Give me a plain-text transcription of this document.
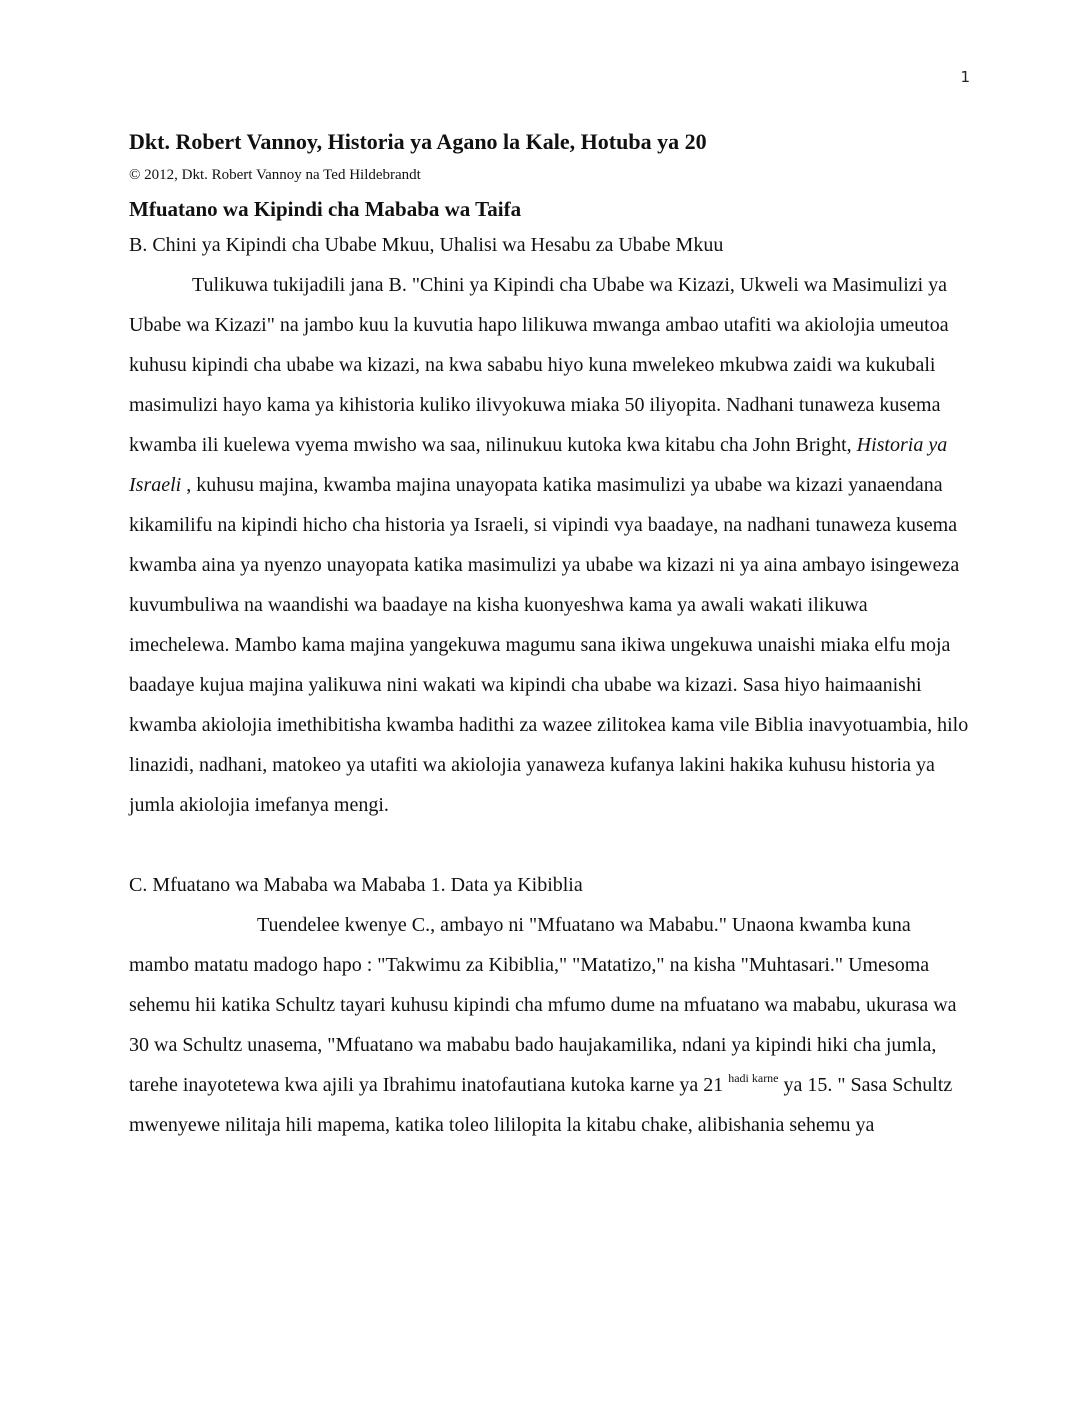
1

Dkt. Robert Vannoy, Historia ya Agano la Kale, Hotuba ya 20

© 2012, Dkt. Robert Vannoy na Ted Hildebrandt

Mfuatano wa Kipindi cha Mababa wa Taifa

B. Chini ya Kipindi cha Ubabe Mkuu, Uhalisi wa Hesabu za Ubabe Mkuu

Tulikuwa tukijadili jana B. "Chini ya Kipindi cha Ubabe wa Kizazi, Ukweli wa Masimulizi ya Ubabe wa Kizazi" na jambo kuu la kuvutia hapo lilikuwa mwanga ambao utafiti wa akiolojia umeutoa kuhusu kipindi cha ubabe wa kizazi, na kwa sababu hiyo kuna mwelekeo mkubwa zaidi wa kukubali masimulizi hayo kama ya kihistoria kuliko ilivyokuwa miaka 50 iliyopita. Nadhani tunaweza kusema kwamba ili kuelewa vyema mwisho wa saa, nilinukuu kutoka kwa kitabu cha John Bright, Historia ya Israeli , kuhusu majina, kwamba majina unayopata katika masimulizi ya ubabe wa kizazi yanaendana kikamilifu na kipindi hicho cha historia ya Israeli, si vipindi vya baadaye, na nadhani tunaweza kusema kwamba aina ya nyenzo unayopata katika masimulizi ya ubabe wa kizazi ni ya aina ambayo isingeweza kuvumbuliwa na waandishi wa baadaye na kisha kuonyeshwa kama ya awali wakati ilikuwa imechelewa. Mambo kama majina yangekuwa magumu sana ikiwa ungekuwa unaishi miaka elfu moja baadaye kujua majina yalikuwa nini wakati wa kipindi cha ubabe wa kizazi. Sasa hiyo haimaanishi kwamba akiolojia imethibitisha kwamba hadithi za wazee zilitokea kama vile Biblia inavyotuambia, hilo linazidi, nadhani, matokeo ya utafiti wa akiolojia yanaweza kufanya lakini hakika kuhusu historia ya jumla akiolojia imefanya mengi.

C. Mfuatano wa Mababa wa Mababa 1. Data ya Kibiblia

Tuendelee kwenye C., ambayo ni "Mfuatano wa Mababu." Unaona kwamba kuna mambo matatu madogo hapo : "Takwimu za Kibiblia," "Matatizo," na kisha "Muhtasari." Umesoma sehemu hii katika Schultz tayari kuhusu kipindi cha mfumo dume na mfuatano wa mababu, ukurasa wa 30 wa Schultz unasema, "Mfuatano wa mababu bado haujakamilika, ndani ya kipindi hiki cha jumla, tarehe inayotetewa kwa ajili ya Ibrahimu inatofautiana kutoka karne ya 21 $^{hadi karne}$ ya 15. " Sasa Schultz mwenyewe nilitaja hili mapema, katika toleo lililopita la kitabu chake, alibishania sehemu ya
